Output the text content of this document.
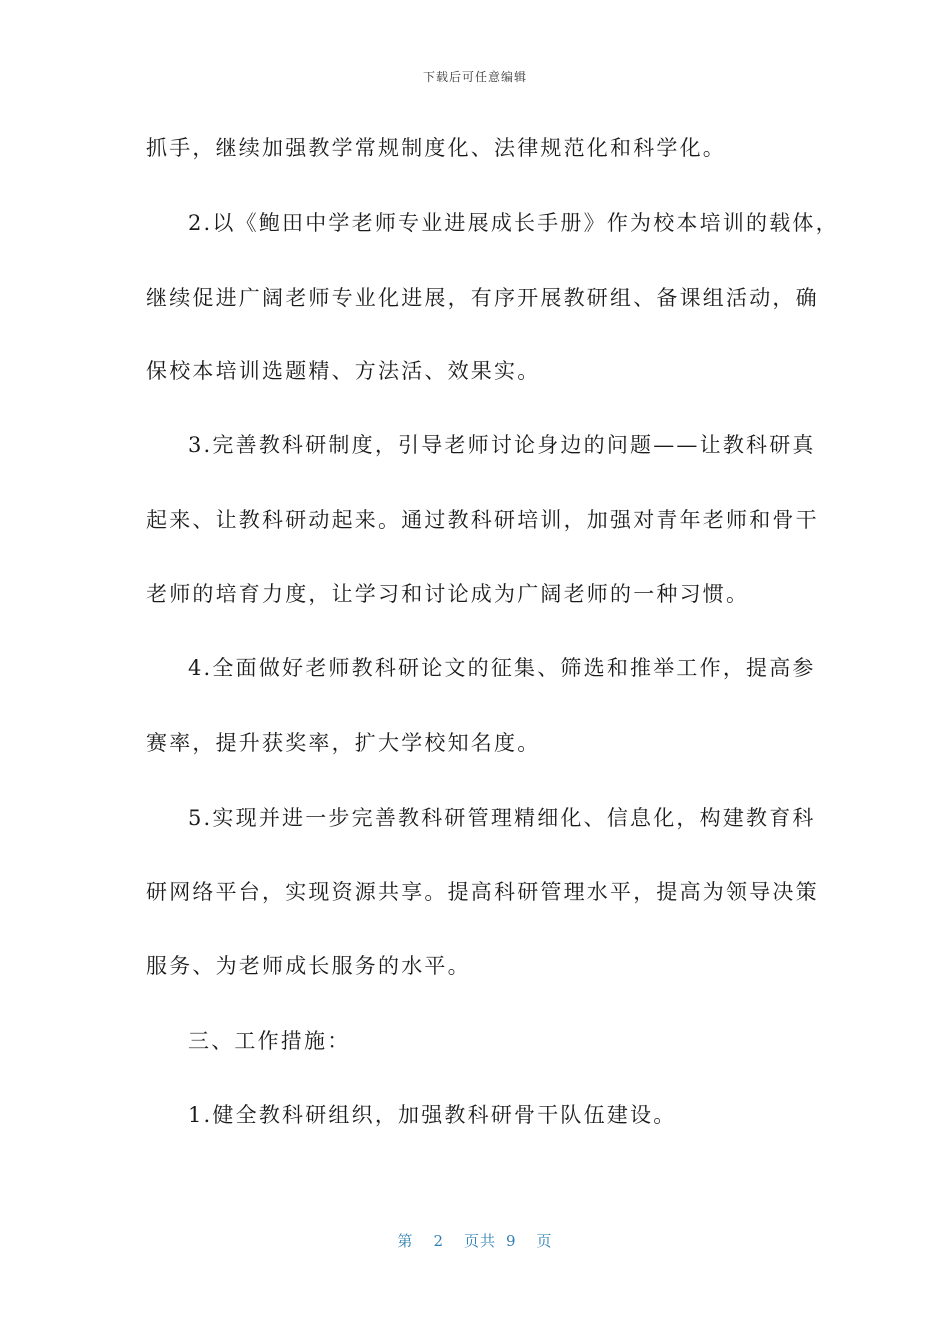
下载后可任意编辑
抓手，继续加强教学常规制度化、法律规范化和科学化。
2.以《鲍田中学老师专业进展成长手册》作为校本培训的载体，
继续促进广阔老师专业化进展，有序开展教研组、备课组活动，确
保校本培训选题精、方法活、效果实。
3.完善教科研制度，引导老师讨论身边的问题——让教科研真
起来、让教科研动起来。通过教科研培训，加强对青年老师和骨干
老师的培育力度，让学习和讨论成为广阔老师的一种习惯。
4.全面做好老师教科研论文的征集、筛选和推举工作，提高参
赛率，提升获奖率，扩大学校知名度。
5.实现并进一步完善教科研管理精细化、信息化，构建教育科
研网络平台，实现资源共享。提高科研管理水平，提高为领导决策
服务、为老师成长服务的水平。
三、工作措施：
1.健全教科研组织，加强教科研骨干队伍建设。
第 2 页共 9 页
